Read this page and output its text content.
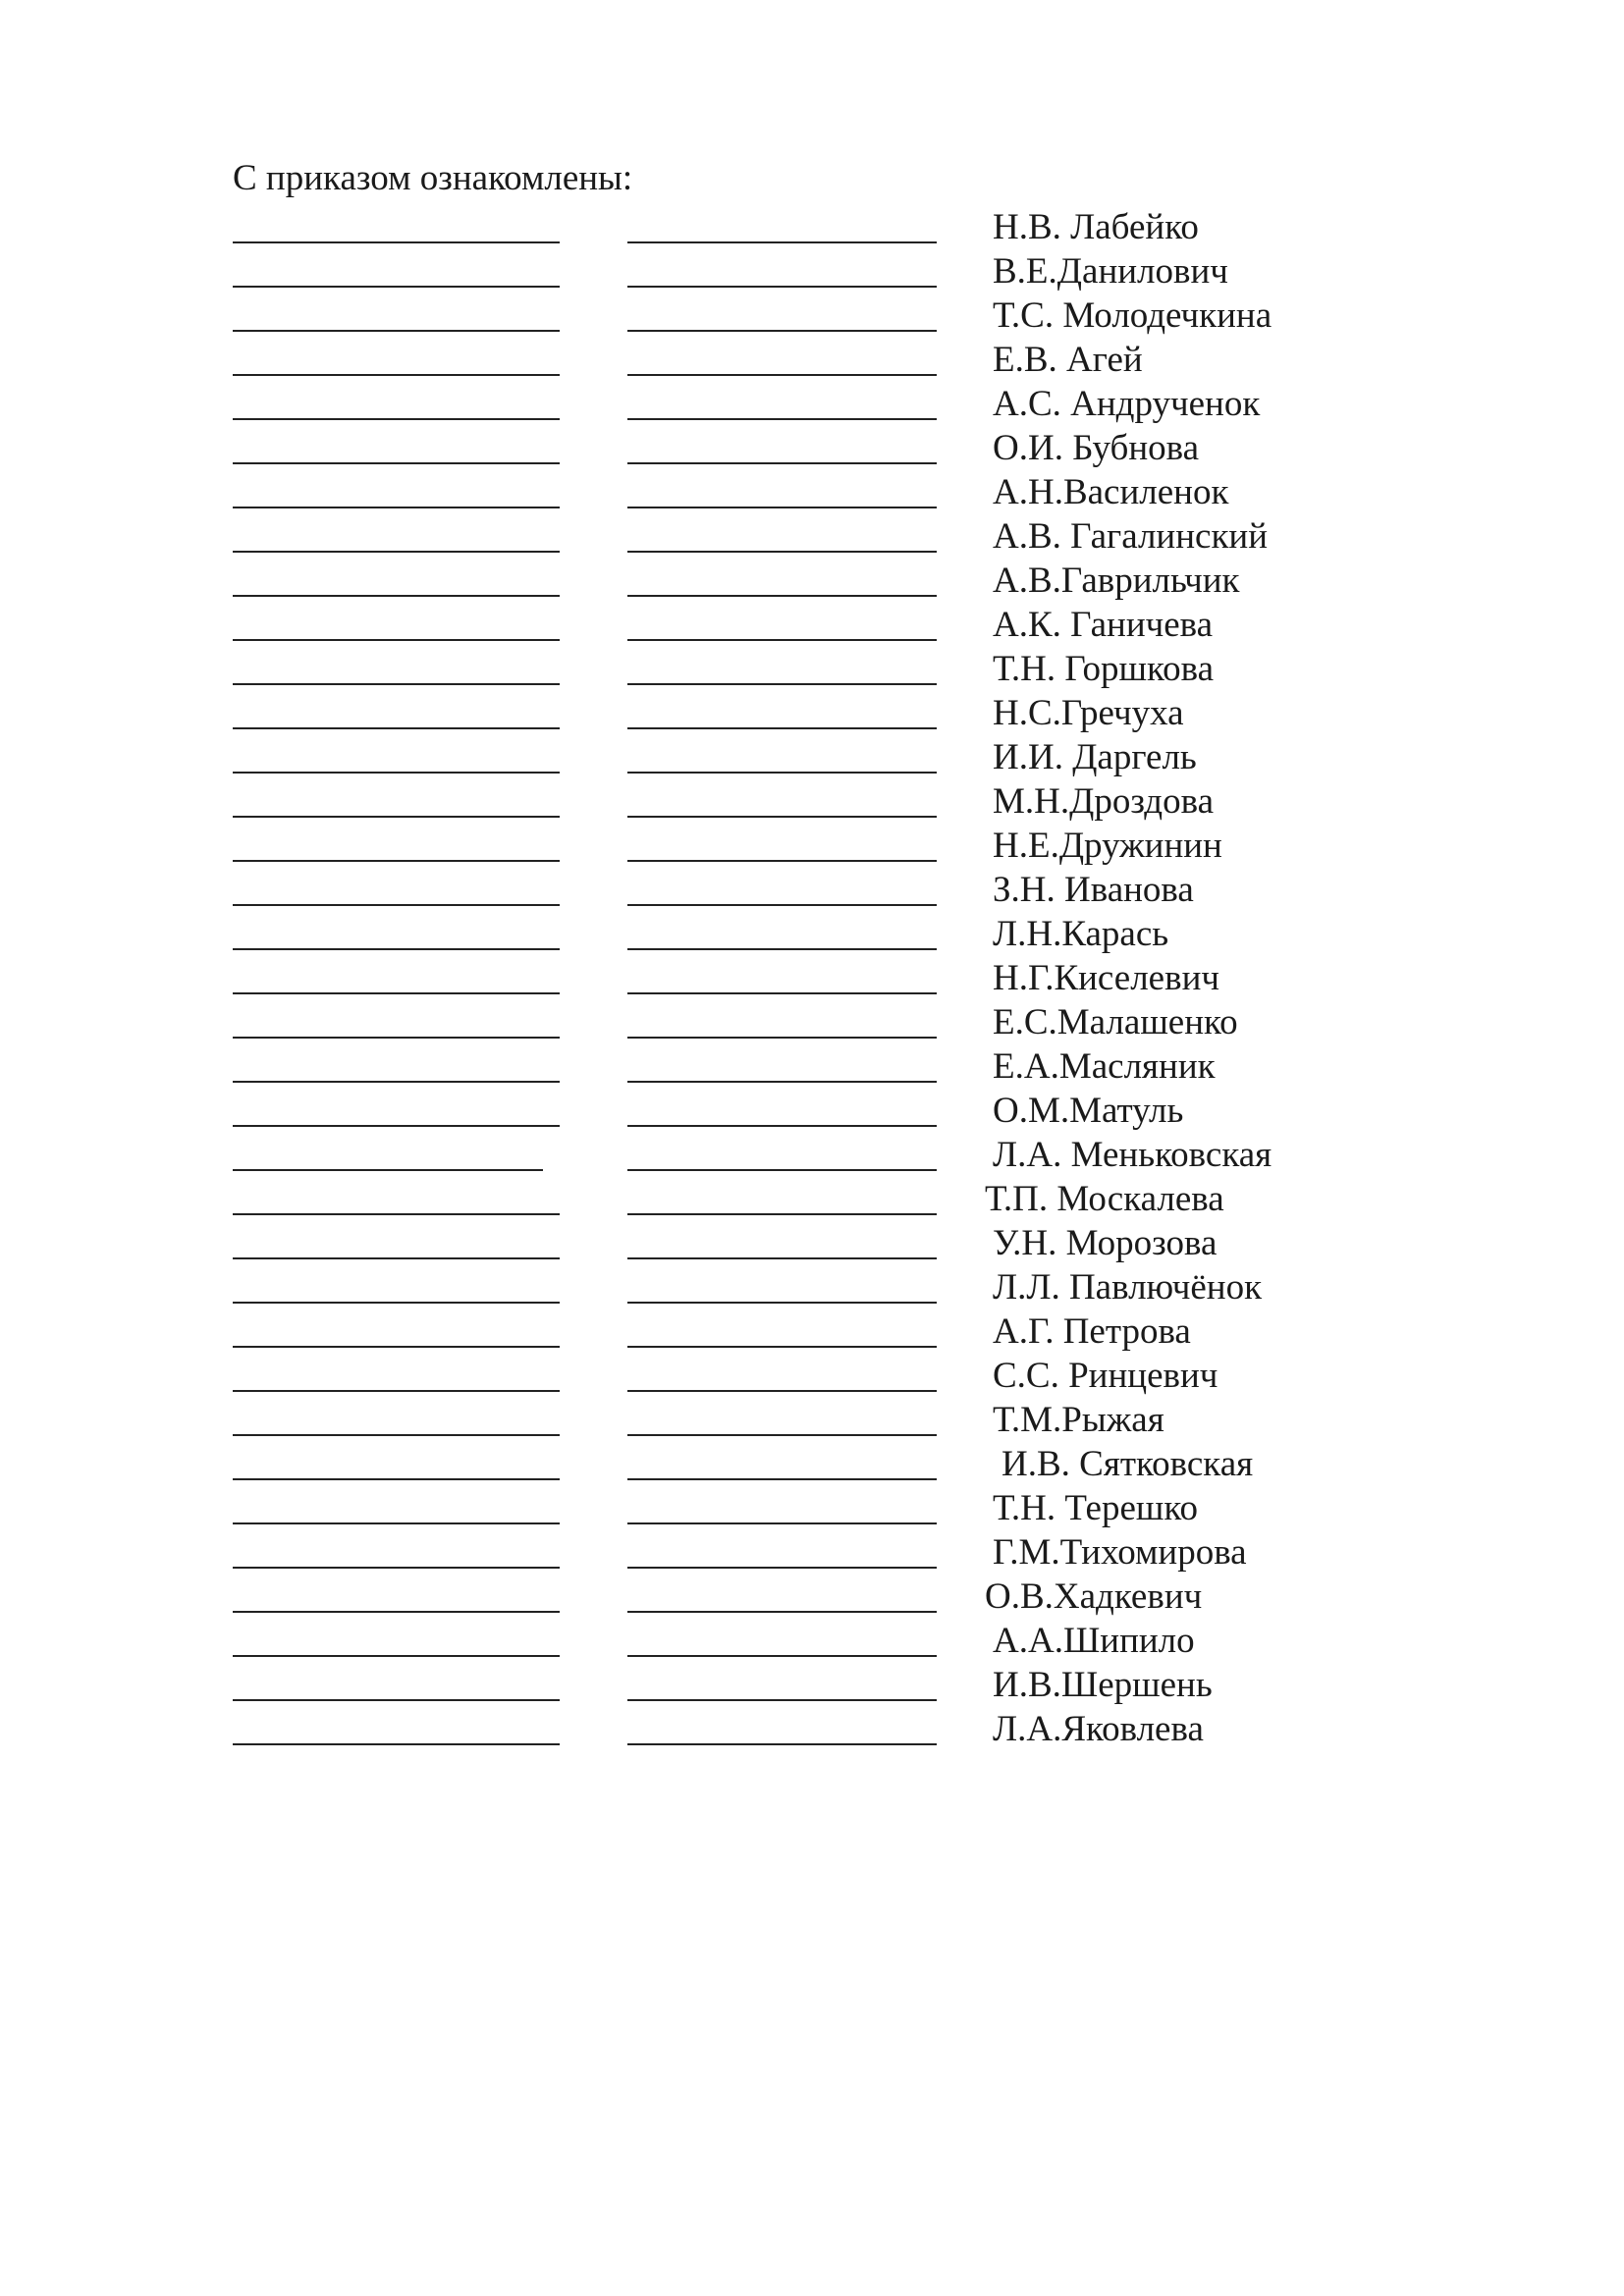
С приказом ознакомлены:
Н.В. Лабейко
В.Е.Данилович
Т.С. Молодечкина
Е.В. Агей
А.С. Андрученок
О.И. Бубнова
А.Н.Василенок
А.В. Гагалинский
А.В.Гаврильчик
А.К. Ганичева
Т.Н. Горшкова
Н.С.Гречуха
И.И. Даргель
М.Н.Дроздова
Н.Е.Дружинин
З.Н. Иванова
Л.Н.Карась
Н.Г.Киселевич
Е.С.Малашенко
Е.А.Масляник
О.М.Матуль
Л.А. Меньковская
Т.П. Москалева
У.Н. Морозова
Л.Л. Павлючёнок
А.Г. Петрова
С.С. Ринцевич
Т.М.Рыжая
И.В. Сятковская
Т.Н. Терешко
Г.М.Тихомирова
О.В.Хадкевич
А.А.Шипило
И.В.Шершень
Л.А.Яковлева
